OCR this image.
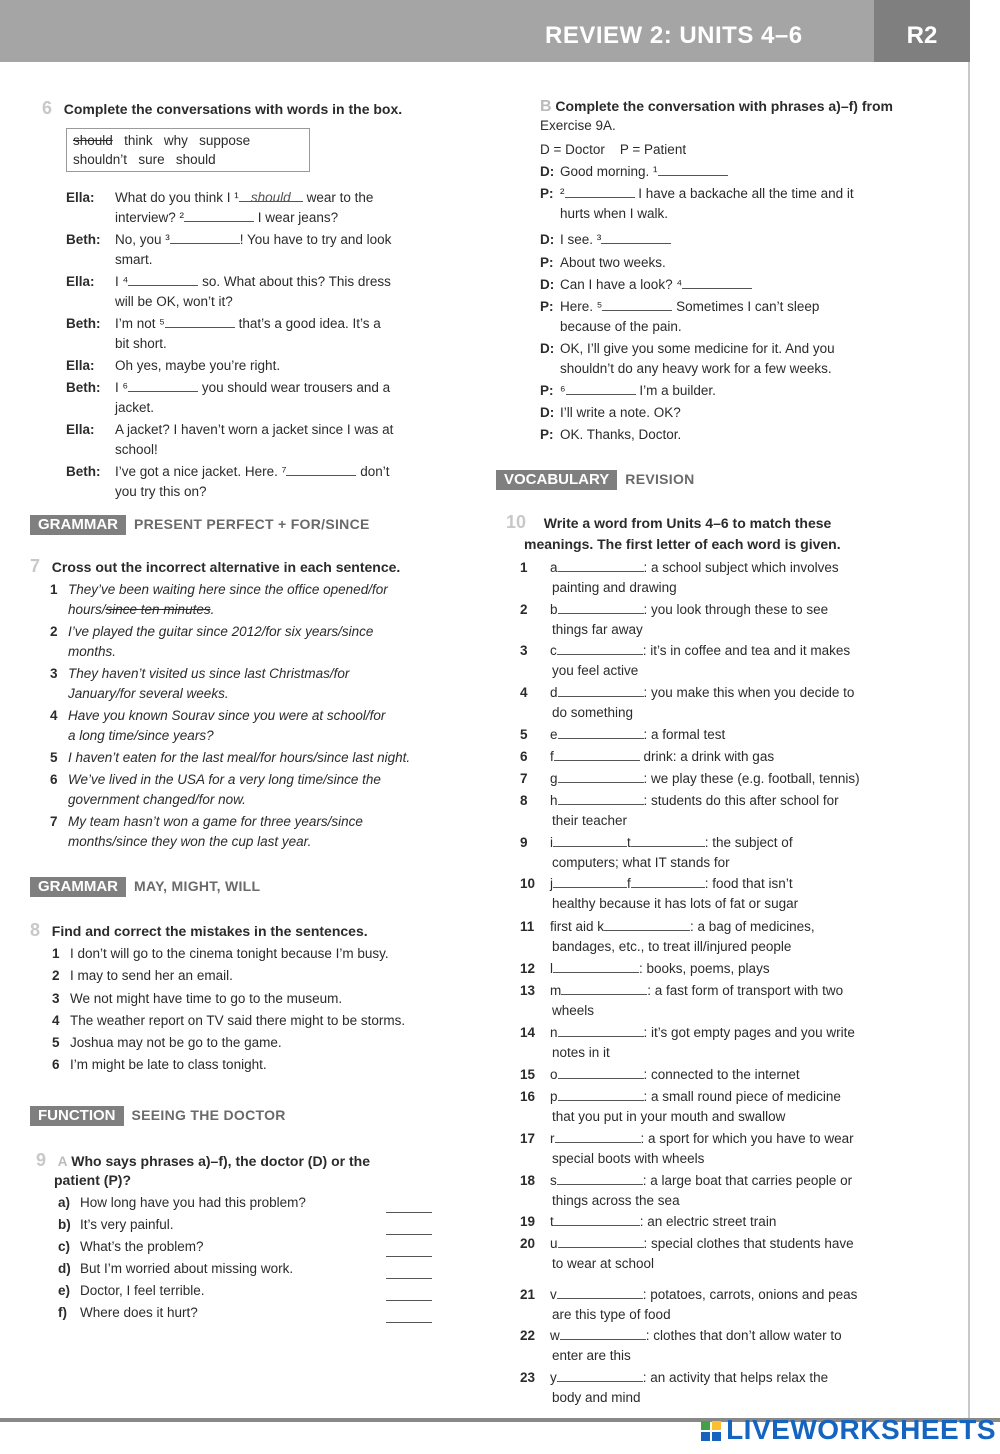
REVIEW 2: UNITS 4–6	R2
6 Complete the conversations with words in the box.
should think why suppose
shouldn’t sure should
Ella: What do you think I ¹ should wear to the
interview? ²	I wear jeans?
Beth: No, you ³	! You have to try and look
smart.
Ella: I ⁴	so. What about this? This dress
will be OK, won’t it?
Beth: I’m not ⁵	that’s a good idea. It’s a
bit short.
Ella: Oh yes, maybe you’re right.
Beth: I ⁶	you should wear trousers and a
jacket.
Ella: A jacket? I haven’t worn a jacket since I was at
school!
Beth: I’ve got a nice jacket. Here. ⁷	don’t
you try this on?
GRAMMAR PRESENT PERFECT + FOR/SINCE
7 Cross out the incorrect alternative in each sentence.
1 They’ve been waiting here since the office opened/for
hours/since ten minutes.
2 I’ve played the guitar since 2012/for six years/since
months.
3 They haven’t visited us since last Christmas/for
January/for several weeks.
4 Have you known Sourav since you were at school/for
a long time/since years?
5 I haven’t eaten for the last meal/for hours/since last night.
6 We’ve lived in the USA for a very long time/since the
government changed/for now.
7 My team hasn’t won a game for three years/since
months/since they won the cup last year.
GRAMMAR MAY, MIGHT, WILL
8 Find and correct the mistakes in the sentences.
1 I don’t will go to the cinema tonight because I’m busy.
2 I may to send her an email.
3 We not might have time to go to the museum.
4 The weather report on TV said there might to be storms.
5 Joshua may not be go to the game.
6 I’m might be late to class tonight.
FUNCTION SEEING THE DOCTOR
9 A Who says phrases a)–f), the doctor (D) or the
patient (P)?
a) How long have you had this problem?
b) It’s very painful.
c) What’s the problem?
d) But I’m worried about missing work.
e) Doctor, I feel terrible.
f) Where does it hurt?
B Complete the conversation with phrases a)–f) from
Exercise 9A.
D = Doctor    P = Patient
D: Good morning. ¹
P: ²	I have a backache all the time and it
hurts when I walk.
D: I see. ³
P: About two weeks.
D: Can I have a look? ⁴
P: Here. ⁵	Sometimes I can’t sleep
because of the pain.
D: OK, I’ll give you some medicine for it. And you
shouldn’t do any heavy work for a few weeks.
P: ⁶	I’m a builder.
D: I’ll write a note. OK?
P: OK. Thanks, Doctor.
VOCABULARY REVISION
10 Write a word from Units 4–6 to match these
meanings. The first letter of each word is given.
1 a	: a school subject which involves
painting and drawing
2 b	: you look through these to see
things far away
3 c	: it’s in coffee and tea and it makes
you feel active
4 d	: you make this when you decide to
do something
5 e	: a formal test
6 f	drink: a drink with gas
7 g	: we play these (e.g. football, tennis)
8 h	: students do this after school for
their teacher
9 i	t	: the subject of
computers; what IT stands for
10 j	f	: food that isn’t
healthy because it has lots of fat or sugar
11 first aid k	: a bag of medicines,
bandages, etc., to treat ill/injured people
12 l	: books, poems, plays
13 m	: a fast form of transport with two
wheels
14 n	: it’s got empty pages and you write
notes in it
15 o	: connected to the internet
16 p	: a small round piece of medicine
that you put in your mouth and swallow
17 r	: a sport for which you have to wear
special boots with wheels
18 s	: a large boat that carries people or
things across the sea
19 t	: an electric street train
20 u	: special clothes that students have
to wear at school
21 v	: potatoes, carrots, onions and peas
are this type of food
22 w	: clothes that don’t allow water to
enter are this
23 y	: an activity that helps relax the
body and mind
LIVEWORKSHEETS
